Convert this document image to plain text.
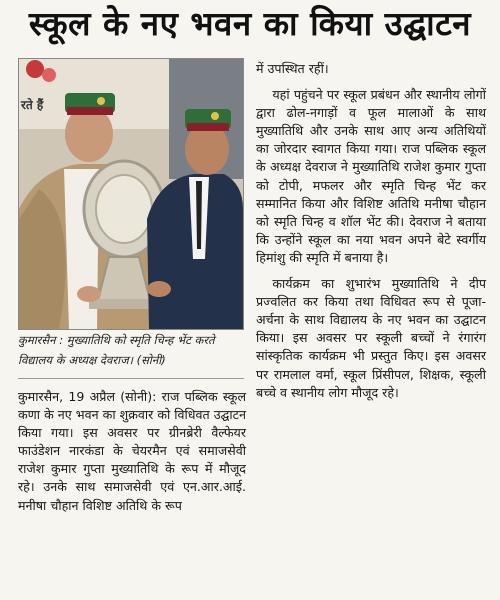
स्कूल के नए भवन का किया उद्घाटन
रते हैं
कुमारसैन : मुख्यातिथि को स्मृति चिन्ह भेंट करते विद्यालय के अध्यक्ष देवराज। (सोनी)

कुमारसैन, 19 अप्रैल (सोनी): राज पब्लिक स्कूल कणा के नए भवन का शुक्रवार को विधिवत उद्घाटन किया गया। इस अवसर पर ग्रीनब्रेरी वैल्फेयर फाउंडेशन नारकंडा के चेयरमैन एवं समाजसेवी राजेश कुमार गुप्ता मुख्यातिथि के रूप में मौजूद रहे। उनके साथ समाजसेवी एवं एन.आर.आई. मनीषा चौहान विशिष्ट अतिथि के रूप

में उपस्थित रहीं।

यहां पहुंचने पर स्कूल प्रबंधन और स्थानीय लोगों द्वारा ढोल-नगाड़ों व फूल मालाओं के साथ मुख्यातिथि और उनके साथ आए अन्य अतिथियों का जोरदार स्वागत किया गया। राज पब्लिक स्कूल के अध्यक्ष देवराज ने मुख्यातिथि राजेश कुमार गुप्ता को टोपी, मफलर और स्मृति चिन्ह भेंट कर सम्मानित किया और विशिष्ट अतिथि मनीषा चौहान को स्मृति चिन्ह व शॉल भेंट की। देवराज ने बताया कि उन्होंने स्कूल का नया भवन अपने बेटे स्वर्गीय हिमांशु की स्मृति में बनाया है।

कार्यक्रम का शुभारंभ मुख्यातिथि ने दीप प्रज्वलित कर किया तथा विधिवत रूप से पूजा-अर्चना के साथ विद्यालय के नए भवन का उद्घाटन किया। इस अवसर पर स्कूली बच्चों ने रंगारंग सांस्कृतिक कार्यक्रम भी प्रस्तुत किए। इस अवसर पर रामलाल वर्मा, स्कूल प्रिंसीपल, शिक्षक, स्कूली बच्चे व स्थानीय लोग मौजूद रहे।
